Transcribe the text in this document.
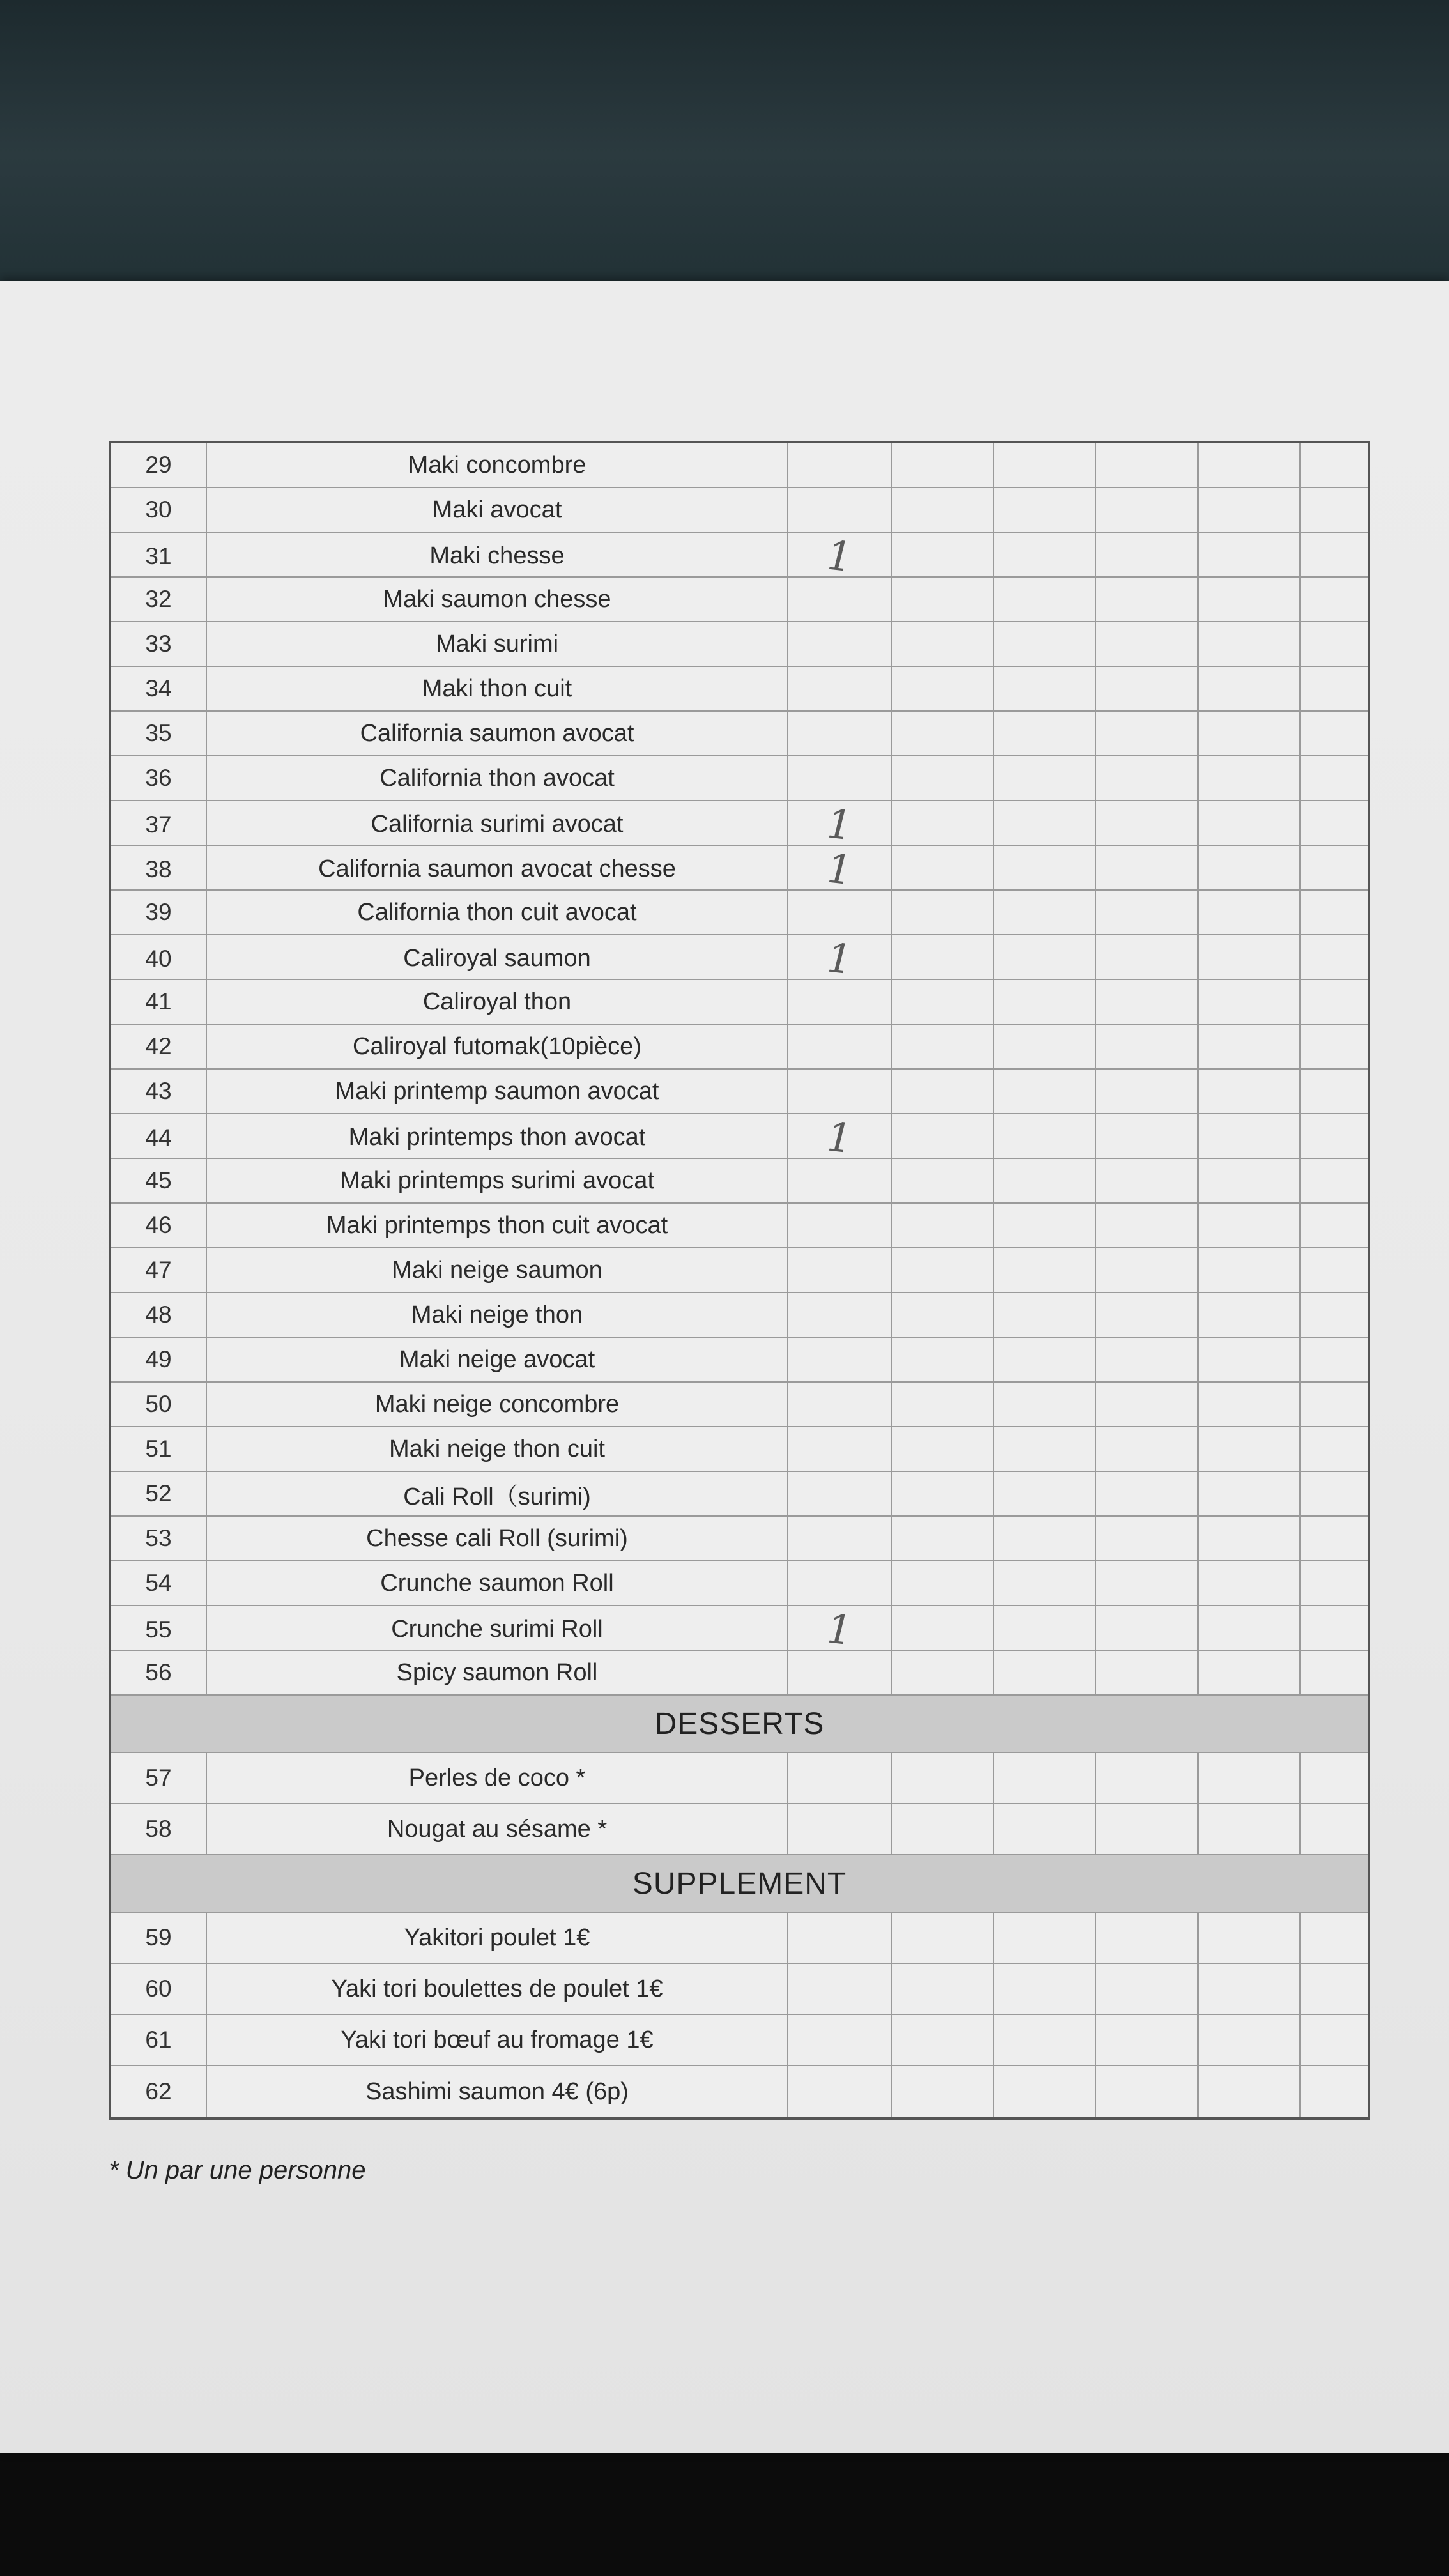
29	Maki concombre
30	Maki avocat
31	Maki chesse	1
32	Maki saumon chesse
33	Maki surimi
34	Maki thon cuit
35	California saumon avocat
36	California thon avocat
37	California surimi avocat	1
38	California saumon avocat chesse	1
39	California thon cuit avocat
40	Caliroyal saumon	1
41	Caliroyal thon
42	Caliroyal futomak(10pièce)
43	Maki printemp saumon avocat
44	Maki printemps thon avocat	1
45	Maki printemps surimi avocat
46	Maki printemps thon cuit avocat
47	Maki neige saumon
48	Maki neige thon
49	Maki neige avocat
50	Maki neige concombre
51	Maki neige thon cuit
52	Cali Roll（surimi)
53	Chesse cali Roll (surimi)
54	Crunche saumon Roll
55	Crunche surimi Roll	1
56	Spicy saumon Roll
DESSERTS
57	Perles de coco *
58	Nougat au sésame *
SUPPLEMENT
59	Yakitori poulet 1€
60	Yaki tori boulettes de poulet 1€
61	Yaki tori bœuf au fromage 1€
62	Sashimi saumon 4€ (6p)
* Un par une personne
